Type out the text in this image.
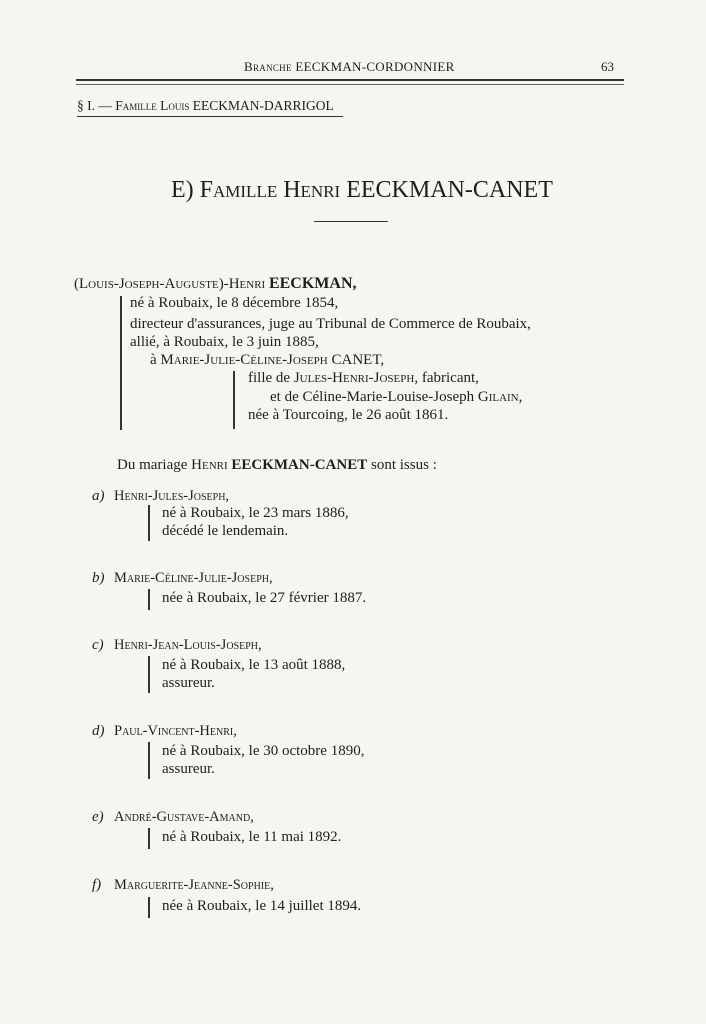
Branche EECKMAN-CORDONNIER	63
§ I. — Famille Louis EECKMAN-DARRIGOL
E) Famille Henri EECKMAN-CANET
(Louis-Joseph-Auguste)-Henri EECKMAN,
né à Roubaix, le 8 décembre 1854,
directeur d'assurances, juge au Tribunal de Commerce de Roubaix,
allié, à Roubaix, le 3 juin 1885,
à Marie-Julie-Céline-Joseph CANET,
fille de Jules-Henri-Joseph, fabricant,
et de Céline-Marie-Louise-Joseph Gilain,
née à Tourcoing, le 26 août 1861.
Du mariage Henri EECKMAN-CANET sont issus :
a) Henri-Jules-Joseph,
né à Roubaix, le 23 mars 1886,
décédé le lendemain.
b) Marie-Céline-Julie-Joseph,
née à Roubaix, le 27 février 1887.
c) Henri-Jean-Louis-Joseph,
né à Roubaix, le 13 août 1888,
assureur.
d) Paul-Vincent-Henri,
né à Roubaix, le 30 octobre 1890,
assureur.
e) André-Gustave-Amand,
né à Roubaix, le 11 mai 1892.
f) Marguerite-Jeanne-Sophie,
née à Roubaix, le 14 juillet 1894.
